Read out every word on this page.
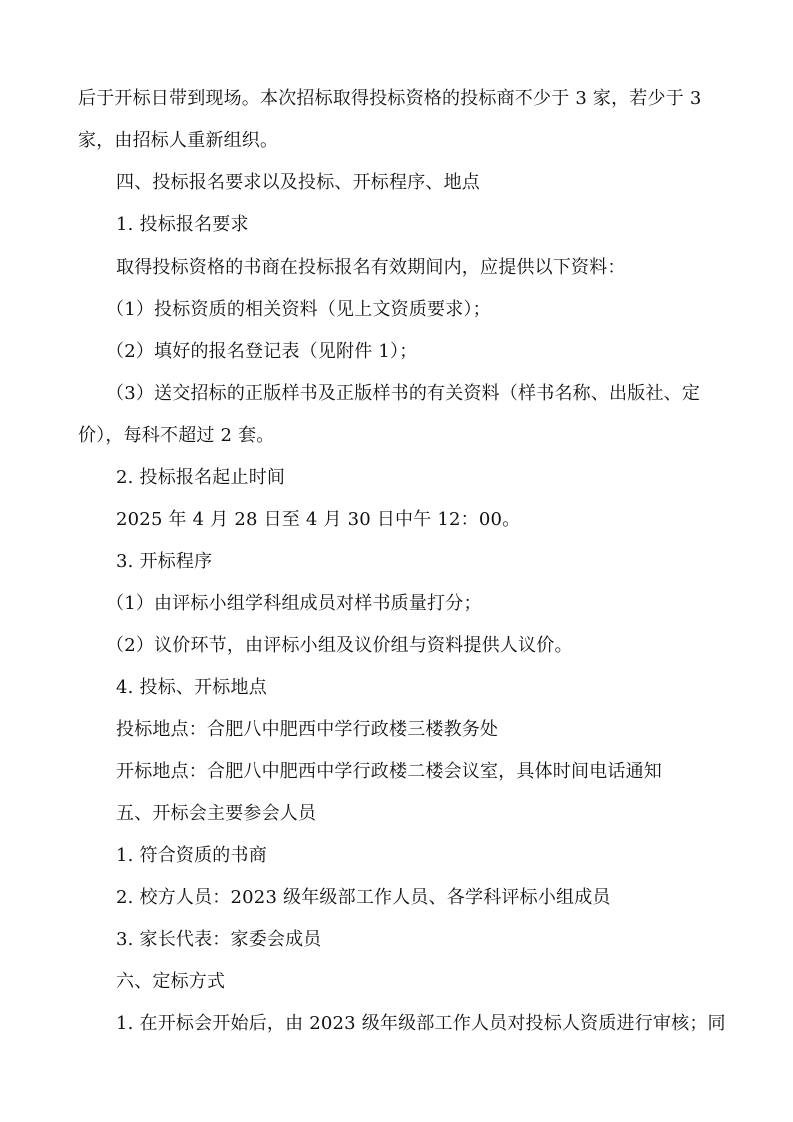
后于开标日带到现场。本次招标取得投标资格的投标商不少于 3 家，若少于 3
家，由招标人重新组织。
四、投标报名要求以及投标、开标程序、地点
1. 投标报名要求
取得投标资格的书商在投标报名有效期间内，应提供以下资料：
（1）投标资质的相关资料（见上文资质要求）；
（2）填好的报名登记表（见附件 1）；
（3）送交招标的正版样书及正版样书的有关资料（样书名称、出版社、定
价），每科不超过 2 套。
2. 投标报名起止时间
2025 年 4 月 28 日至 4 月 30 日中午 12：00。
3. 开标程序
（1）由评标小组学科组成员对样书质量打分；
（2）议价环节，由评标小组及议价组与资料提供人议价。
4. 投标、开标地点
投标地点：合肥八中肥西中学行政楼三楼教务处
开标地点：合肥八中肥西中学行政楼二楼会议室，具体时间电话通知
五、开标会主要参会人员
1. 符合资质的书商
2. 校方人员：2023 级年级部工作人员、各学科评标小组成员
3. 家长代表：家委会成员
六、定标方式
1. 在开标会开始后，由 2023 级年级部工作人员对投标人资质进行审核；同
